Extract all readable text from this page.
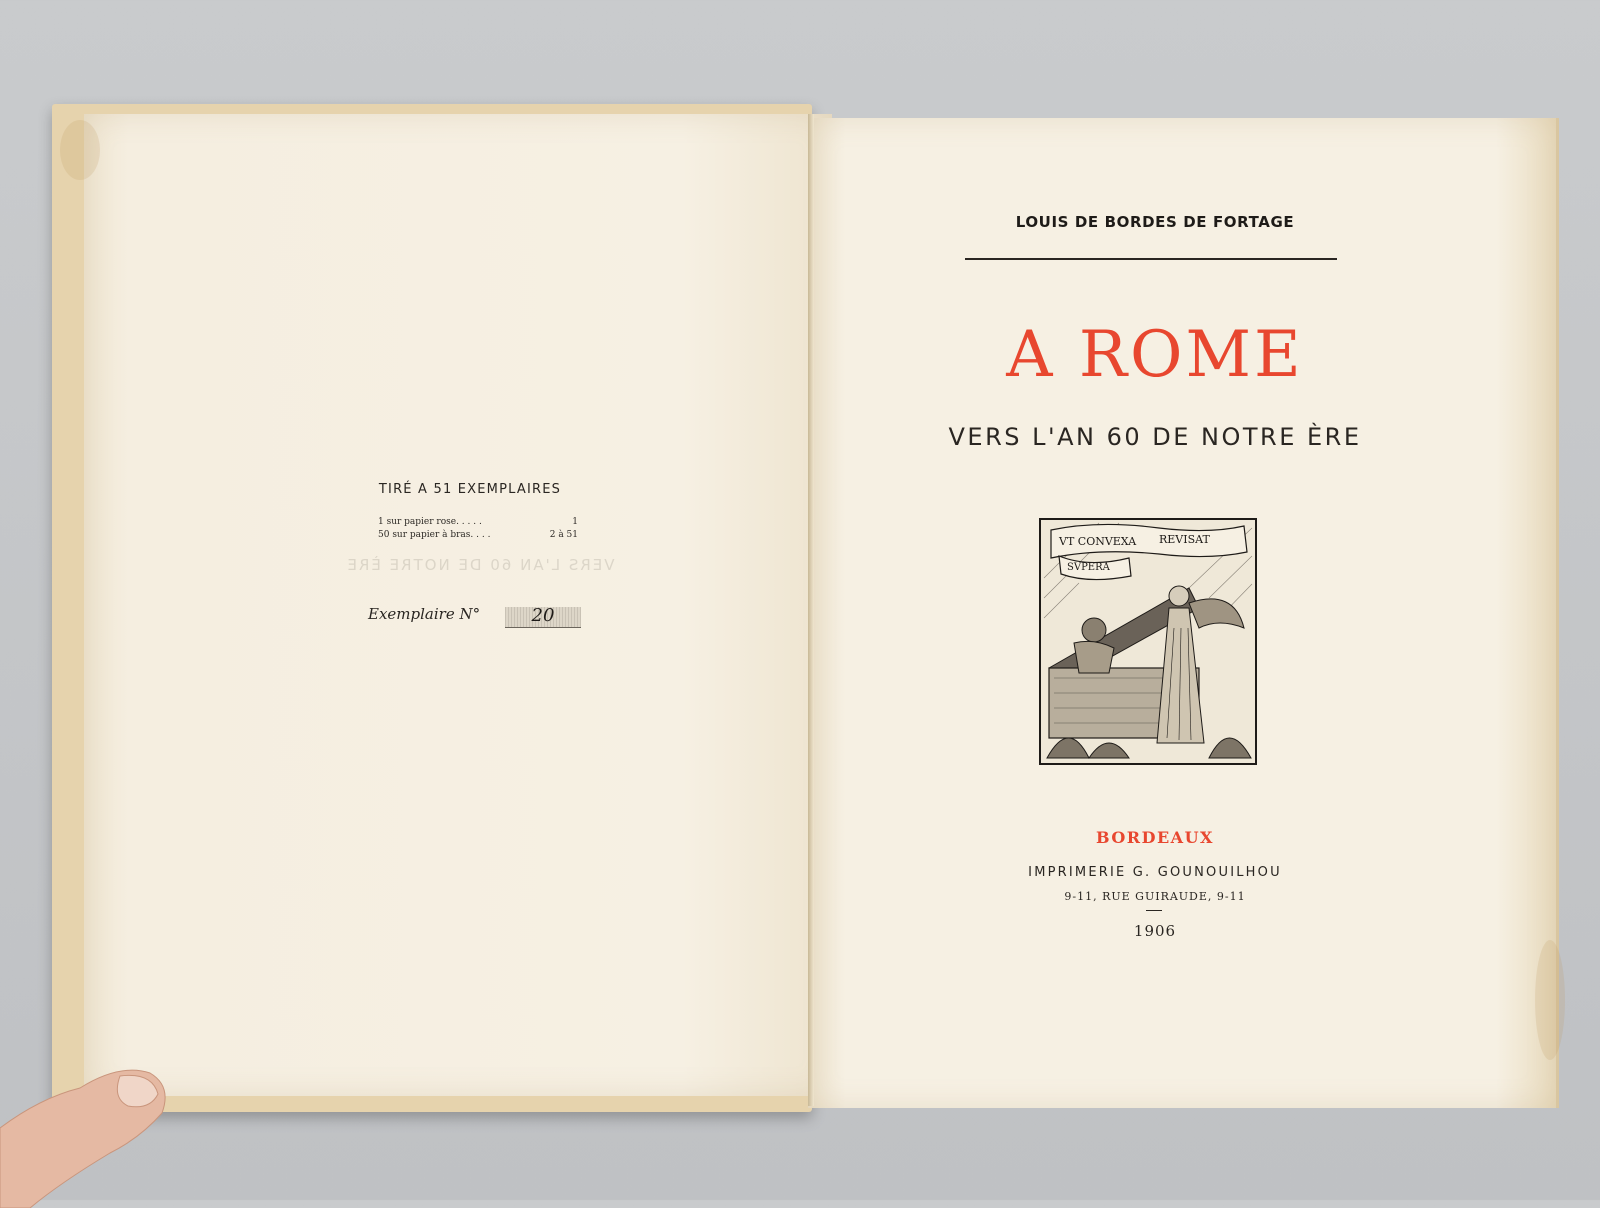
TIRÉ A 51 EXEMPLAIRES
1 sur papier rose. . . . .	1
50 sur papier à bras. . . .	2 à 51
VERS L'AN 60 DE NOTRE ÈRE
Exemplaire N°	20
LOUIS DE BORDES DE FORTAGE
A ROME
VERS L'AN 60 DE NOTRE ÈRE
VT CONVEXA REVISAT
SVPERA
BORDEAUX
IMPRIMERIE G. GOUNOUILHOU
9-11, RUE GUIRAUDE, 9-11
1906
